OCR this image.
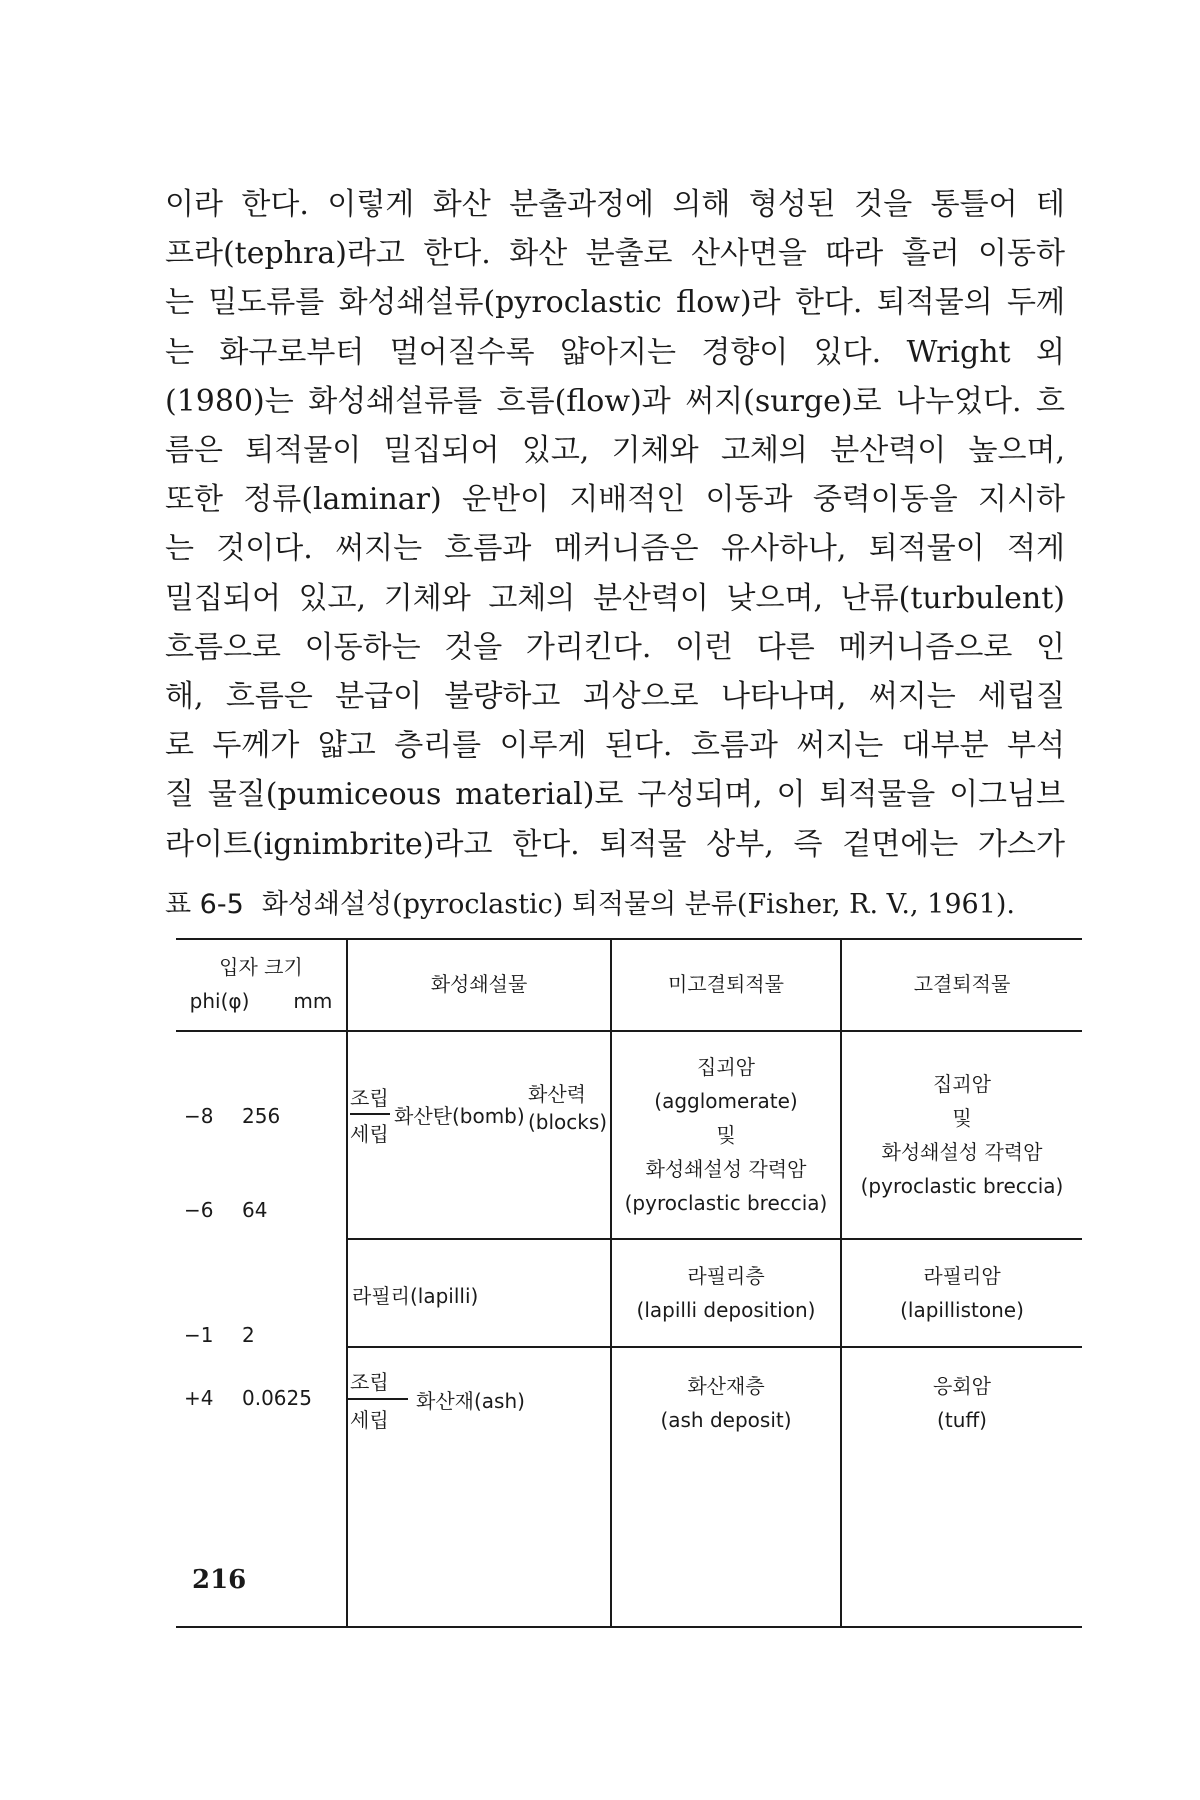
이라 한다. 이렇게 화산 분출과정에 의해 형성된 것을 통틀어 테
프라(tephra)라고 한다. 화산 분출로 산사면을 따라 흘러 이동하
는 밀도류를 화성쇄설류(pyroclastic flow)라 한다. 퇴적물의 두께
는 화구로부터 멀어질수록 얇아지는 경향이 있다. Wright 외
(1980)는 화성쇄설류를 흐름(flow)과 써지(surge)로 나누었다. 흐
름은 퇴적물이 밀집되어 있고, 기체와 고체의 분산력이 높으며,
또한 정류(laminar) 운반이 지배적인 이동과 중력이동을 지시하
는 것이다. 써지는 흐름과 메커니즘은 유사하나, 퇴적물이 적게
밀집되어 있고, 기체와 고체의 분산력이 낮으며, 난류(turbulent)
흐름으로 이동하는 것을 가리킨다. 이런 다른 메커니즘으로 인
해, 흐름은 분급이 불량하고 괴상으로 나타나며, 써지는 세립질
로 두께가 얇고 층리를 이루게 된다. 흐름과 써지는 대부분 부석
질 물질(pumiceous material)로 구성되며, 이 퇴적물을 이그님브
라이트(ignimbrite)라고 한다. 퇴적물 상부, 즉 겉면에는 가스가
표 6-5 화성쇄설성(pyroclastic) 퇴적물의 분류(Fisher, R. V., 1961).
입자 크기
phi(φ) mm
화성쇄설물	미고결퇴적물	고결퇴적물
−8 256
−6 64
−1 2
+4 0.0625
조립
세립
화산탄(bomb)
화산력
(blocks)
집괴암
(agglomerate)
및
화성쇄설성 각력암
(pyroclastic breccia)
집괴암
및
화성쇄설성 각력암
(pyroclastic breccia)
라필리(lapilli)
라필리층
(lapilli deposition)
라필리암
(lapillistone)
조립
세립
화산재(ash)
화산재층
(ash deposit)
응회암
(tuff)
216
